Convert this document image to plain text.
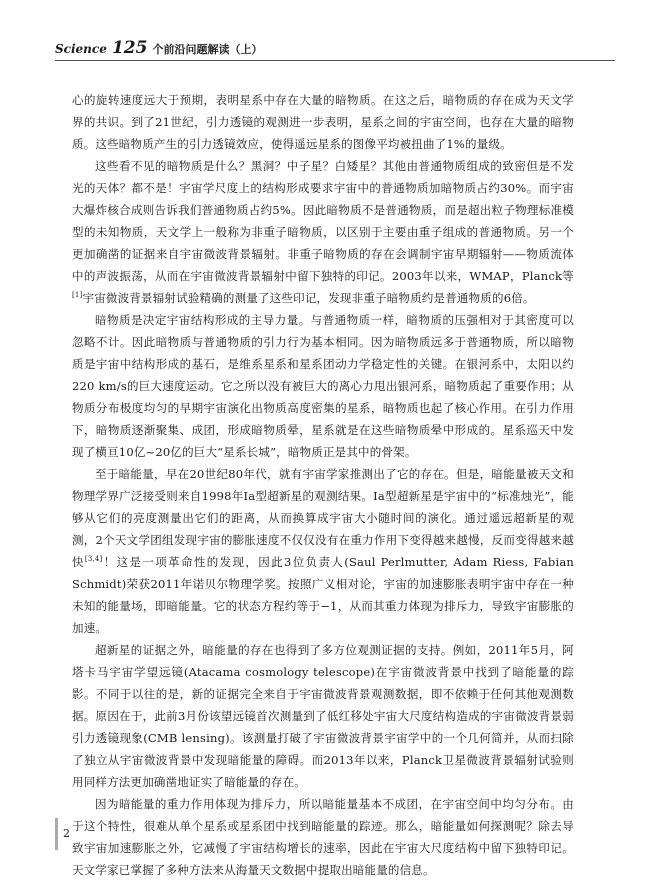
Science 125 个前沿问题解读（上）

心的旋转速度远大于预期，表明星系中存在大量的暗物质。在这之后，暗物质的存在成为天文学界的共识。到了21世纪，引力透镜的观测进一步表明，星系之间的宇宙空间，也存在大量的暗物质。这些暗物质产生的引力透镜效应，使得遥远星系的图像平均被扭曲了1%的量级。

这些看不见的暗物质是什么？黑洞？中子星？白矮星？其他由普通物质组成的致密但是不发光的天体？都不是！宇宙学尺度上的结构形成要求宇宙中的普通物质加暗物质占约30%。而宇宙大爆炸核合成则告诉我们普通物质占约5%。因此暗物质不是普通物质，而是超出粒子物理标准模型的未知物质，天文学上一般称为非重子暗物质，以区别于主要由重子组成的普通物质。另一个更加确凿的证据来自宇宙微波背景辐射。非重子暗物质的存在会调制宇宙早期辐射——物质流体中的声波振荡，从而在宇宙微波背景辐射中留下独特的印记。2003年以来，WMAP，Planck等[1]宇宙微波背景辐射试验精确的测量了这些印记，发现非重子暗物质约是普通物质的6倍。

暗物质是决定宇宙结构形成的主导力量。与普通物质一样，暗物质的压强相对于其密度可以忽略不计。因此暗物质与普通物质的引力行为基本相同。因为暗物质远多于普通物质，所以暗物质是宇宙中结构形成的基石，是维系星系和星系团动力学稳定性的关键。在银河系中，太阳以约220 km/s的巨大速度运动。它之所以没有被巨大的离心力甩出银河系，暗物质起了重要作用；从物质分布极度均匀的早期宇宙演化出物质高度密集的星系，暗物质也起了核心作用。在引力作用下，暗物质逐渐聚集、成团，形成暗物质晕，星系就是在这些暗物质晕中形成的。星系巡天中发现了横亘10亿~20亿的巨大“星系长城”，暗物质正是其中的骨架。

至于暗能量，早在20世纪80年代，就有宇宙学家推测出了它的存在。但是，暗能量被天文和物理学界广泛接受则来自1998年Ia型超新星的观测结果。Ia型超新星是宇宙中的“标准烛光”，能够从它们的亮度测量出它们的距离，从而换算成宇宙大小随时间的演化。通过遥远超新星的观测，2个天文学团组发现宇宙的膨胀速度不仅仅没有在重力作用下变得越来越慢，反而变得越来越快[3,4]！这是一项革命性的发现，因此3位负责人(Saul Perlmutter, Adam Riess, Fabian Schmidt)荣获2011年诺贝尔物理学奖。按照广义相对论，宇宙的加速膨胀表明宇宙中存在一种未知的能量场，即暗能量。它的状态方程约等于−1，从而其重力体现为排斥力，导致宇宙膨胀的加速。

超新星的证据之外，暗能量的存在也得到了多方位观测证据的支持。例如，2011年5月，阿塔卡马宇宙学望远镜(Atacama cosmology telescope)在宇宙微波背景中找到了暗能量的踪影。不同于以往的是，新的证据完全来自于宇宙微波背景观测数据，即不依赖于任何其他观测数据。原因在于，此前3月份该望远镜首次测量到了低红移处宇宙大尺度结构造成的宇宙微波背景弱引力透镜现象(CMB lensing)。该测量打破了宇宙微波背景宇宙学中的一个几何简并，从而扫除了独立从宇宙微波背景中发现暗能量的障碍。而2013年以来，Planck卫星微波背景辐射试验则用同样方法更加确凿地证实了暗能量的存在。

因为暗能量的重力作用体现为排斥力，所以暗能量基本不成团，在宇宙空间中均匀分布。由于这个特性，很难从单个星系或星系团中找到暗能量的踪迹。那么，暗能量如何探测呢？除去导致宇宙加速膨胀之外，它减慢了宇宙结构增长的速率，因此在宇宙大尺度结构中留下独特印记。天文学家已掌握了多种方法来从海量天文数据中提取出暗能量的信息。

2
